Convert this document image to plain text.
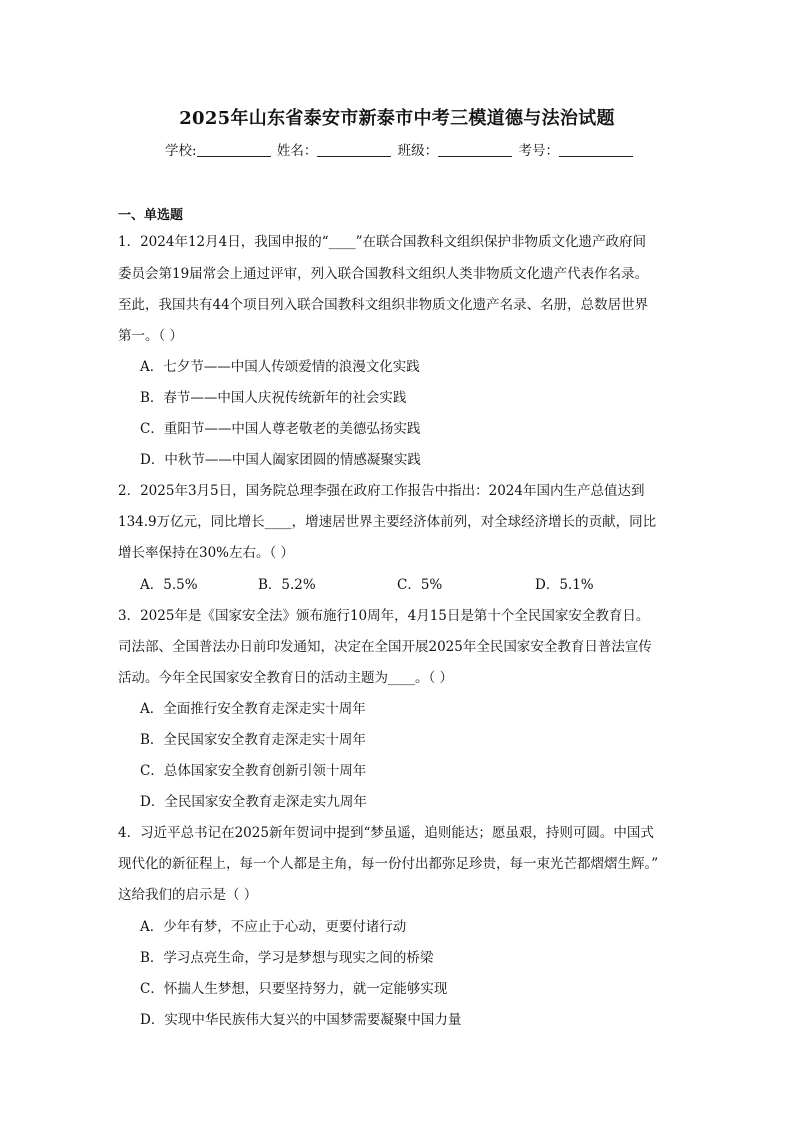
2025年山东省泰安市新泰市中考三模道德与法治试题
学校:	姓名：	班级：	考号：
一、单选题
1．2024年12月4日，我国申报的“____”在联合国教科文组织保护非物质文化遗产政府间
委员会第19届常会上通过评审，列入联合国教科文组织人类非物质文化遗产代表作名录。
至此，我国共有44个项目列入联合国教科文组织非物质文化遗产名录、名册，总数居世界
第一。（ ）
A．七夕节——中国人传颂爱情的浪漫文化实践
B．春节——中国人庆祝传统新年的社会实践
C．重阳节——中国人尊老敬老的美德弘扬实践
D．中秋节——中国人阖家团圆的情感凝聚实践
2．2025年3月5日，国务院总理李强在政府工作报告中指出：2024年国内生产总值达到
134.9万亿元，同比增长____，增速居世界主要经济体前列，对全球经济增长的贡献，同比
增长率保持在30%左右。（ ）
A．5.5%	B．5.2%	C．5%	D．5.1%
3．2025年是《国家安全法》颁布施行10周年，4月15日是第十个全民国家安全教育日。
司法部、全国普法办日前印发通知，决定在全国开展2025年全民国家安全教育日普法宣传
活动。今年全民国家安全教育日的活动主题为____。（ ）
A．全面推行安全教育走深走实十周年
B．全民国家安全教育走深走实十周年
C．总体国家安全教育创新引领十周年
D．全民国家安全教育走深走实九周年
4．习近平总书记在2025新年贺词中提到“梦虽遥，追则能达；愿虽艰，持则可圆。中国式
现代化的新征程上，每一个人都是主角，每一份付出都弥足珍贵，每一束光芒都熠熠生辉。”
这给我们的启示是（ ）
A．少年有梦，不应止于心动，更要付诸行动
B．学习点亮生命，学习是梦想与现实之间的桥梁
C．怀揣人生梦想，只要坚持努力，就一定能够实现
D．实现中华民族伟大复兴的中国梦需要凝聚中国力量
